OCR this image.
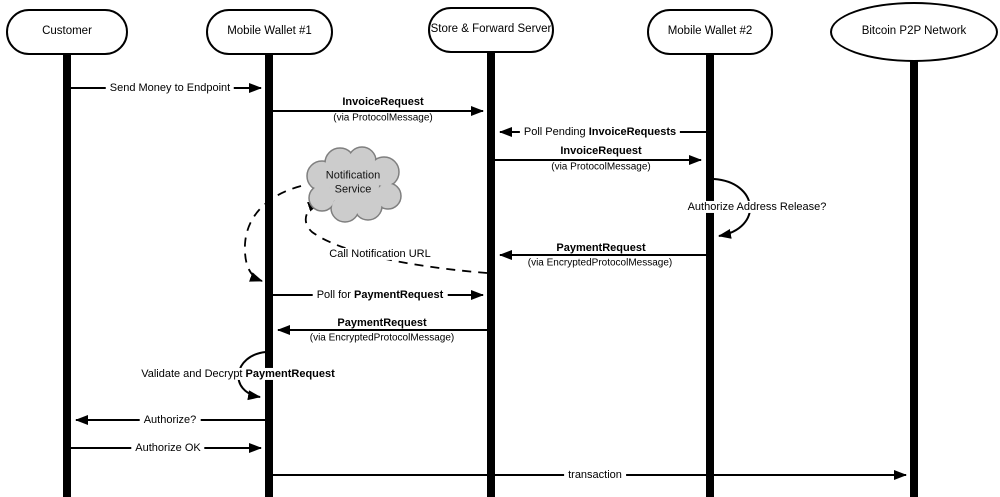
Customer	Mobile Wallet #1	Store & Forward Server	Mobile Wallet #2	Bitcoin P2P Network
Notification Service
Send Money to Endpoint
InvoiceRequest
(via ProtocolMessage)
Poll Pending InvoiceRequests
InvoiceRequest
(via ProtocolMessage)
Authorize Address Release?
PaymentRequest
(via EncryptedProtocolMessage)
Call Notification URL
Poll for PaymentRequest
PaymentRequest
(via EncryptedProtocolMessage)
Validate and Decrypt PaymentRequest
Authorize?
Authorize OK
transaction
